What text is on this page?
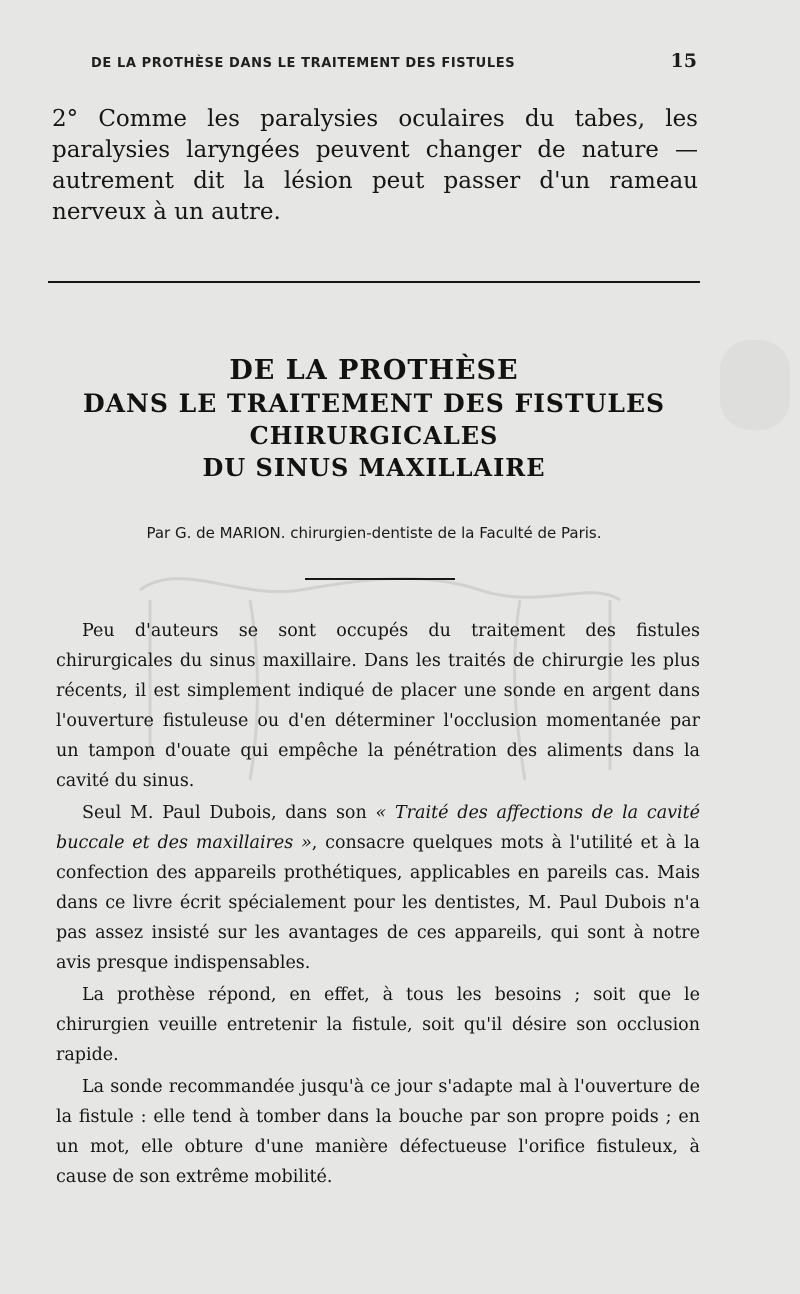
DE LA PROTHÈSE DANS LE TRAITEMENT DES FISTULES	15
2° Comme les paralysies oculaires du tabes, les paralysies laryngées peuvent changer de nature — autrement dit la lésion peut passer d'un rameau nerveux à un autre.
DE LA PROTHÈSE
DANS LE TRAITEMENT DES FISTULES
CHIRURGICALES
DU SINUS MAXILLAIRE
Par G. de MARION. chirurgien-dentiste de la Faculté de Paris.

Peu d'auteurs se sont occupés du traitement des fistules chirurgicales du sinus maxillaire. Dans les traités de chirurgie les plus récents, il est simplement indiqué de placer une sonde en argent dans l'ouverture fistuleuse ou d'en déterminer l'occlusion momentanée par un tampon d'ouate qui empêche la pénétration des aliments dans la cavité du sinus.

Seul M. Paul Dubois, dans son « Traité des affections de la cavité buccale et des maxillaires », consacre quelques mots à l'utilité et à la confection des appareils prothétiques, applicables en pareils cas. Mais dans ce livre écrit spécialement pour les dentistes, M. Paul Dubois n'a pas assez insisté sur les avantages de ces appareils, qui sont à notre avis presque indispensables.

La prothèse répond, en effet, à tous les besoins ; soit que le chirurgien veuille entretenir la fistule, soit qu'il désire son occlusion rapide.

La sonde recommandée jusqu'à ce jour s'adapte mal à l'ouverture de la fistule : elle tend à tomber dans la bouche par son propre poids ; en un mot, elle obture d'une manière défectueuse l'orifice fistuleux, à cause de son extrême mobilité.
